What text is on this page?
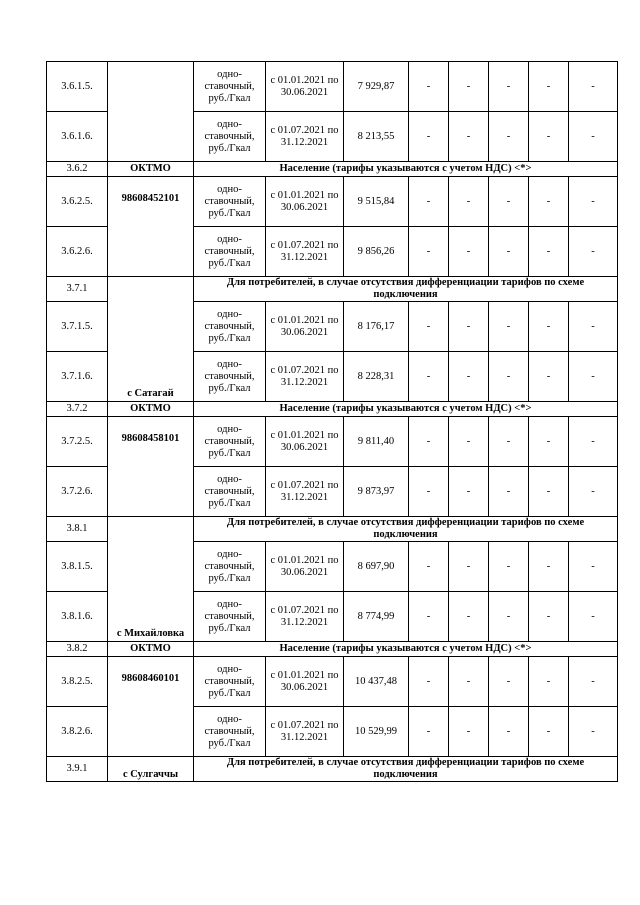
3.6.1.5.		одно-ставочный, руб./Гкал	с 01.01.2021 по 30.06.2021	7 929,87	-	-	-	-	-
3.6.1.6.		одно-ставочный, руб./Гкал	с 01.07.2021 по 31.12.2021	8 213,55	-	-	-	-	-
3.6.2	ОКТМО	Население (тарифы указываются с учетом НДС) <*>							
3.6.2.5.	98608452101	одно-ставочный, руб./Гкал	с 01.01.2021 по 30.06.2021	9 515,84	-	-	-	-	-
3.6.2.6.		одно-ставочный, руб./Гкал	с 01.07.2021 по 31.12.2021	9 856,26	-	-	-	-	-
3.7.1	с Сатагай	Для потребителей, в случае отсутствия дифференциации тарифов по схеме подключения							
3.7.1.5.		одно-ставочный, руб./Гкал	с 01.01.2021 по 30.06.2021	8 176,17	-	-	-	-	-
3.7.1.6.		одно-ставочный, руб./Гкал	с 01.07.2021 по 31.12.2021	8 228,31	-	-	-	-	-
3.7.2	ОКТМО	Население (тарифы указываются с учетом НДС) <*>							
3.7.2.5.	98608458101	одно-ставочный, руб./Гкал	с 01.01.2021 по 30.06.2021	9 811,40	-	-	-	-	-
3.7.2.6.		одно-ставочный, руб./Гкал	с 01.07.2021 по 31.12.2021	9 873,97	-	-	-	-	-
3.8.1	с Михайловка	Для потребителей, в случае отсутствия дифференциации тарифов по схеме подключения							
3.8.1.5.		одно-ставочный, руб./Гкал	с 01.01.2021 по 30.06.2021	8 697,90	-	-	-	-	-
3.8.1.6.		одно-ставочный, руб./Гкал	с 01.07.2021 по 31.12.2021	8 774,99	-	-	-	-	-
3.8.2	ОКТМО	Население (тарифы указываются с учетом НДС) <*>							
3.8.2.5.	98608460101	одно-ставочный, руб./Гкал	с 01.01.2021 по 30.06.2021	10 437,48	-	-	-	-	-
3.8.2.6.		одно-ставочный, руб./Гкал	с 01.07.2021 по 31.12.2021	10 529,99	-	-	-	-	-
3.9.1	с Сулгаччы	Для потребителей, в случае отсутствия дифференциации тарифов по схеме подключения							
